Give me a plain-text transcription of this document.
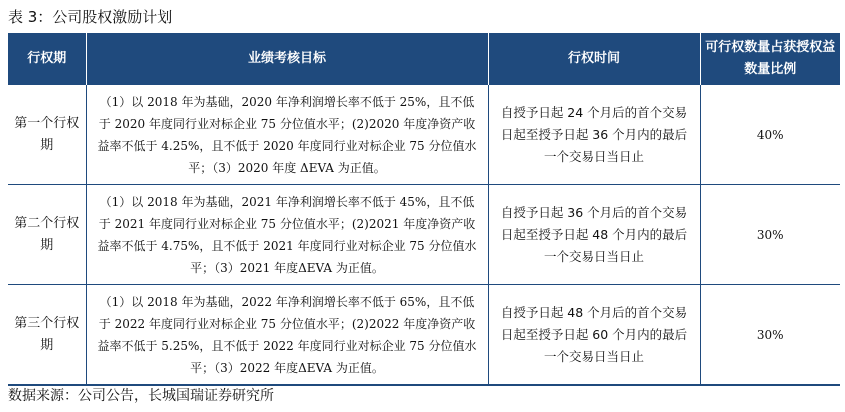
表 3：公司股权激励计划
行权期	业绩考核目标	行权时间	可行权数量占获授权益数量比例
第一个行权期	（1）以 2018 年为基础，2020 年净利润增长率不低于 25%，且不低于 2020 年度同行业对标企业 75 分位值水平；(2)2020 年度净资产收益率不低于 4.25%，且不低于 2020 年度同行业对标企业 75 分位值水平；（3）2020 年度 ΔEVA 为正值。	自授予日起 24 个月后的首个交易日起至授予日起 36 个月内的最后一个交易日当日止	40%
第二个行权期	（1）以 2018 年为基础，2021 年净利润增长率不低于 45%，且不低于 2021 年度同行业对标企业 75 分位值水平；(2)2021 年度净资产收益率不低于 4.75%，且不低于 2021 年度同行业对标企业 75 分位值水平；（3）2021 年度ΔEVA 为正值。	自授予日起 36 个月后的首个交易日起至授予日起 48 个月内的最后一个交易日当日止	30%
第三个行权期	（1）以 2018 年为基础，2022 年净利润增长率不低于 65%，且不低于 2022 年度同行业对标企业 75 分位值水平；(2)2022 年度净资产收益率不低于 5.25%，且不低于 2022 年度同行业对标企业 75 分位值水平；（3）2022 年度ΔEVA 为正值。	自授予日起 48 个月后的首个交易日起至授予日起 60 个月内的最后一个交易日当日止	30%
数据来源：公司公告，长城国瑞证券研究所
